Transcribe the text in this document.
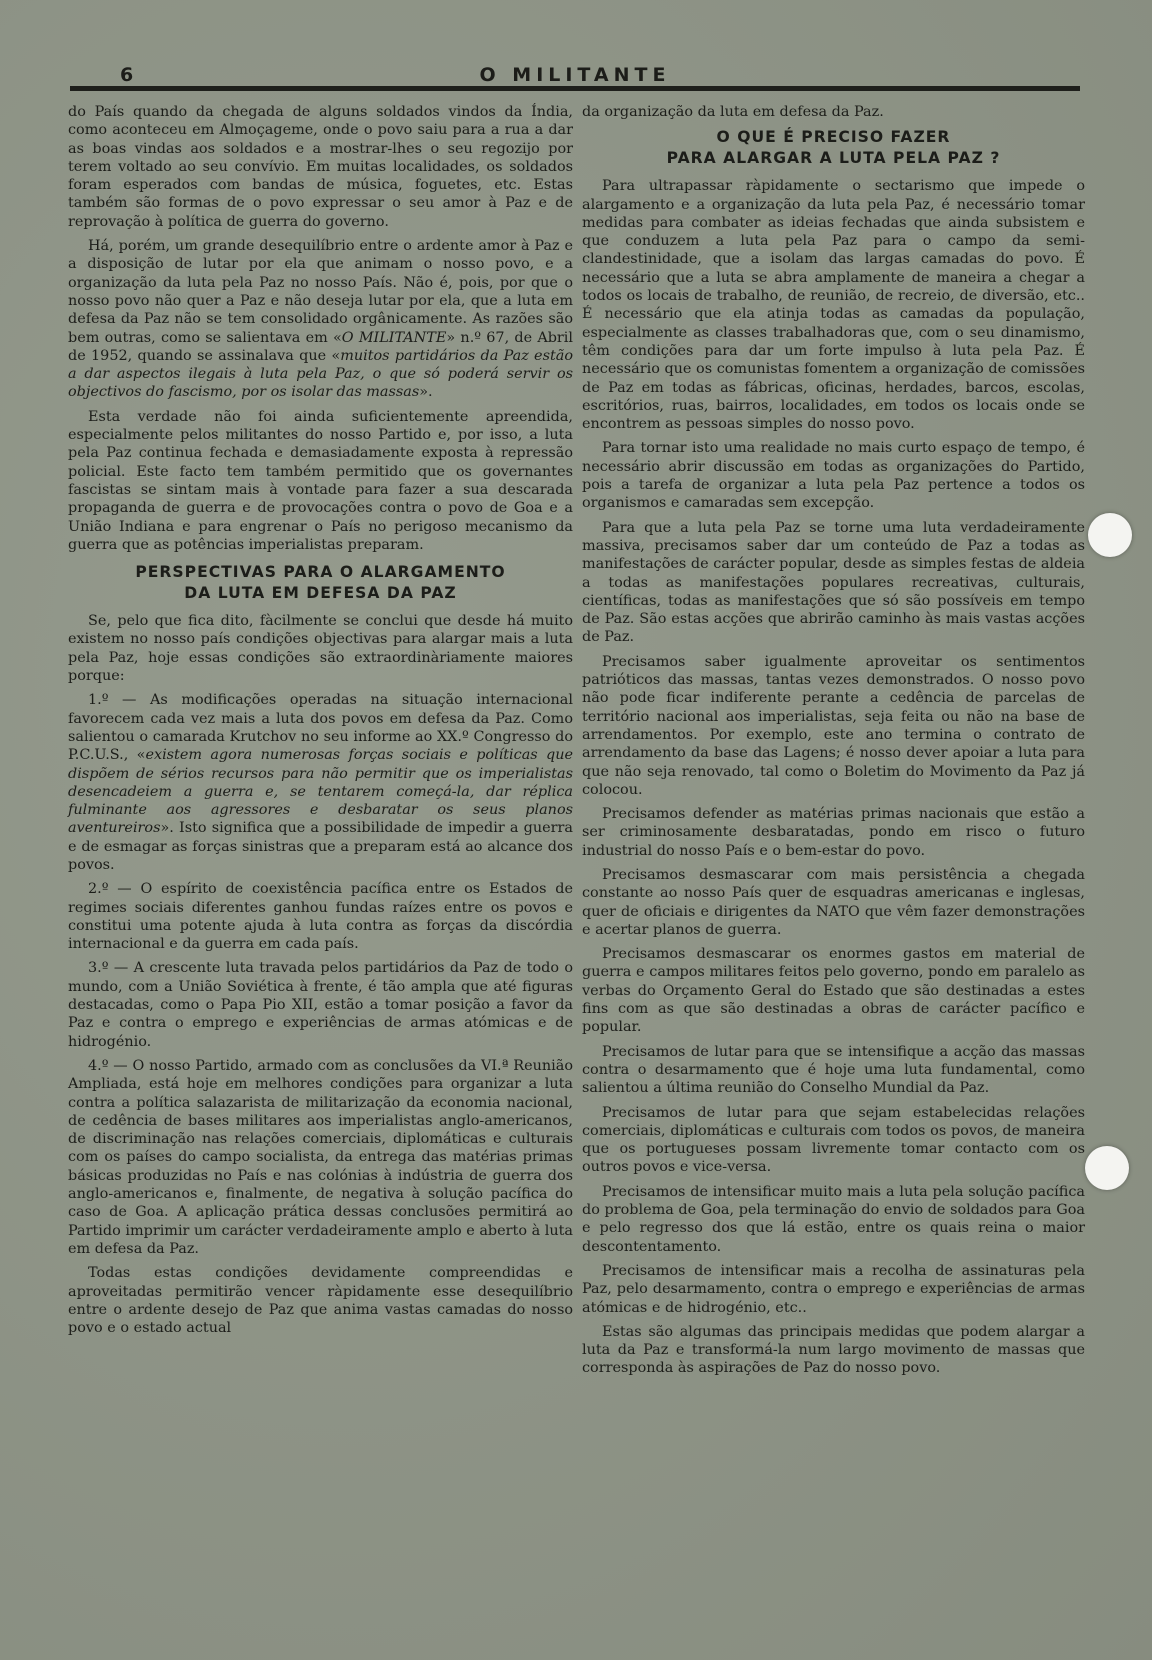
6	O MILITANTE

do País quando da chegada de alguns soldados vindos da Índia, como aconteceu em Almoçageme, onde o povo saiu para a rua a dar as boas vindas aos soldados e a mostrar-lhes o seu regozijo por terem voltado ao seu convívio. Em muitas localidades, os soldados foram esperados com bandas de música, foguetes, etc. Estas também são formas de o povo expressar o seu amor à Paz e de reprovação à política de guerra do governo.

Há, porém, um grande desequilíbrio entre o ardente amor à Paz e a disposição de lutar por ela que animam o nosso povo, e a organização da luta pela Paz no nosso País. Não é, pois, por que o nosso povo não quer a Paz e não deseja lutar por ela, que a luta em defesa da Paz não se tem consolidado orgânicamente. As razões são bem outras, como se salientava em «O MILITANTE» n.º 67, de Abril de 1952, quando se assinalava que «muitos partidários da Paz estão a dar aspectos ilegais à luta pela Paz, o que só poderá servir os objectivos do fascismo, por os isolar das massas».

Esta verdade não foi ainda suficientemente apreendida, especialmente pelos militantes do nosso Partido e, por isso, a luta pela Paz continua fechada e demasiadamente exposta à repressão policial. Este facto tem também permitido que os governantes fascistas se sintam mais à vontade para fazer a sua descarada propaganda de guerra e de provocações contra o povo de Goa e a União Indiana e para engrenar o País no perigoso mecanismo da guerra que as potências imperialistas preparam.

PERSPECTIVAS PARA O ALARGAMENTO
DA LUTA EM DEFESA DA PAZ

Se, pelo que fica dito, fàcilmente se conclui que desde há muito existem no nosso país condições objectivas para alargar mais a luta pela Paz, hoje essas condições são extraordinàriamente maiores porque:

1.º — As modificações operadas na situação internacional favorecem cada vez mais a luta dos povos em defesa da Paz. Como salientou o camarada Krutchov no seu informe ao XX.º Congresso do P.C.U.S., «existem agora numerosas forças sociais e políticas que dispõem de sérios recursos para não permitir que os imperialistas desencadeiem a guerra e, se tentarem começá-la, dar réplica fulminante aos agressores e desbaratar os seus planos aventureiros». Isto significa que a possibilidade de impedir a guerra e de esmagar as forças sinistras que a preparam está ao alcance dos povos.

2.º — O espírito de coexistência pacífica entre os Estados de regimes sociais diferentes ganhou fundas raízes entre os povos e constitui uma potente ajuda à luta contra as forças da discórdia internacional e da guerra em cada país.

3.º — A crescente luta travada pelos partidários da Paz de todo o mundo, com a União Soviética à frente, é tão ampla que até figuras destacadas, como o Papa Pio XII, estão a tomar posição a favor da Paz e contra o emprego e experiências de armas atómicas e de hidrogénio.

4.º — O nosso Partido, armado com as conclusões da VI.ª Reunião Ampliada, está hoje em melhores condições para organizar a luta contra a política salazarista de militarização da economia nacional, de cedência de bases militares aos imperialistas anglo-americanos, de discriminação nas relações comerciais, diplomáticas e culturais com os países do campo socialista, da entrega das matérias primas básicas produzidas no País e nas colónias à indústria de guerra dos anglo-americanos e, finalmente, de negativa à solução pacífica do caso de Goa. A aplicação prática dessas conclusões permitirá ao Partido imprimir um carácter verdadeiramente amplo e aberto à luta em defesa da Paz.

Todas estas condições devidamente compreendidas e aproveitadas permitirão vencer ràpidamente esse desequilíbrio entre o ardente desejo de Paz que anima vastas camadas do nosso povo e o estado actual

da organização da luta em defesa da Paz.

O QUE É PRECISO FAZER
PARA ALARGAR A LUTA PELA PAZ ?

Para ultrapassar ràpidamente o sectarismo que impede o alargamento e a organização da luta pela Paz, é necessário tomar medidas para combater as ideias fechadas que ainda subsistem e que conduzem a luta pela Paz para o campo da semi-clandestinidade, que a isolam das largas camadas do povo. É necessário que a luta se abra amplamente de maneira a chegar a todos os locais de trabalho, de reunião, de recreio, de diversão, etc.. É necessário que ela atinja todas as camadas da população, especialmente as classes trabalhadoras que, com o seu dinamismo, têm condições para dar um forte impulso à luta pela Paz. É necessário que os comunistas fomentem a organização de comissões de Paz em todas as fábricas, oficinas, herdades, barcos, escolas, escritórios, ruas, bairros, localidades, em todos os locais onde se encontrem as pessoas simples do nosso povo.

Para tornar isto uma realidade no mais curto espaço de tempo, é necessário abrir discussão em todas as organizações do Partido, pois a tarefa de organizar a luta pela Paz pertence a todos os organismos e camaradas sem excepção.

Para que a luta pela Paz se torne uma luta verdadeiramente massiva, precisamos saber dar um conteúdo de Paz a todas as manifestações de carácter popular, desde as simples festas de aldeia a todas as manifestações populares recreativas, culturais, científicas, todas as manifestações que só são possíveis em tempo de Paz. São estas acções que abrirão caminho às mais vastas acções de Paz.

Precisamos saber igualmente aproveitar os sentimentos patrióticos das massas, tantas vezes demonstrados. O nosso povo não pode ficar indiferente perante a cedência de parcelas de território nacional aos imperialistas, seja feita ou não na base de arrendamentos. Por exemplo, este ano termina o contrato de arrendamento da base das Lagens; é nosso dever apoiar a luta para que não seja renovado, tal como o Boletim do Movimento da Paz já colocou.

Precisamos defender as matérias primas nacionais que estão a ser criminosamente desbaratadas, pondo em risco o futuro industrial do nosso País e o bem-estar do povo.

Precisamos desmascarar com mais persistência a chegada constante ao nosso País quer de esquadras americanas e inglesas, quer de oficiais e dirigentes da NATO que vêm fazer demonstrações e acertar planos de guerra.

Precisamos desmascarar os enormes gastos em material de guerra e campos militares feitos pelo governo, pondo em paralelo as verbas do Orçamento Geral do Estado que são destinadas a estes fins com as que são destinadas a obras de carácter pacífico e popular.

Precisamos de lutar para que se intensifique a acção das massas contra o desarmamento que é hoje uma luta fundamental, como salientou a última reunião do Conselho Mundial da Paz.

Precisamos de lutar para que sejam estabelecidas relações comerciais, diplomáticas e culturais com todos os povos, de maneira que os portugueses possam livremente tomar contacto com os outros povos e vice-versa.

Precisamos de intensificar muito mais a luta pela solução pacífica do problema de Goa, pela terminação do envio de soldados para Goa e pelo regresso dos que lá estão, entre os quais reina o maior descontentamento.

Precisamos de intensificar mais a recolha de assinaturas pela Paz, pelo desarmamento, contra o emprego e experiências de armas atómicas e de hidrogénio, etc..

Estas são algumas das principais medidas que podem alargar a luta da Paz e transformá-la num largo movimento de massas que corresponda às aspirações de Paz do nosso povo.
